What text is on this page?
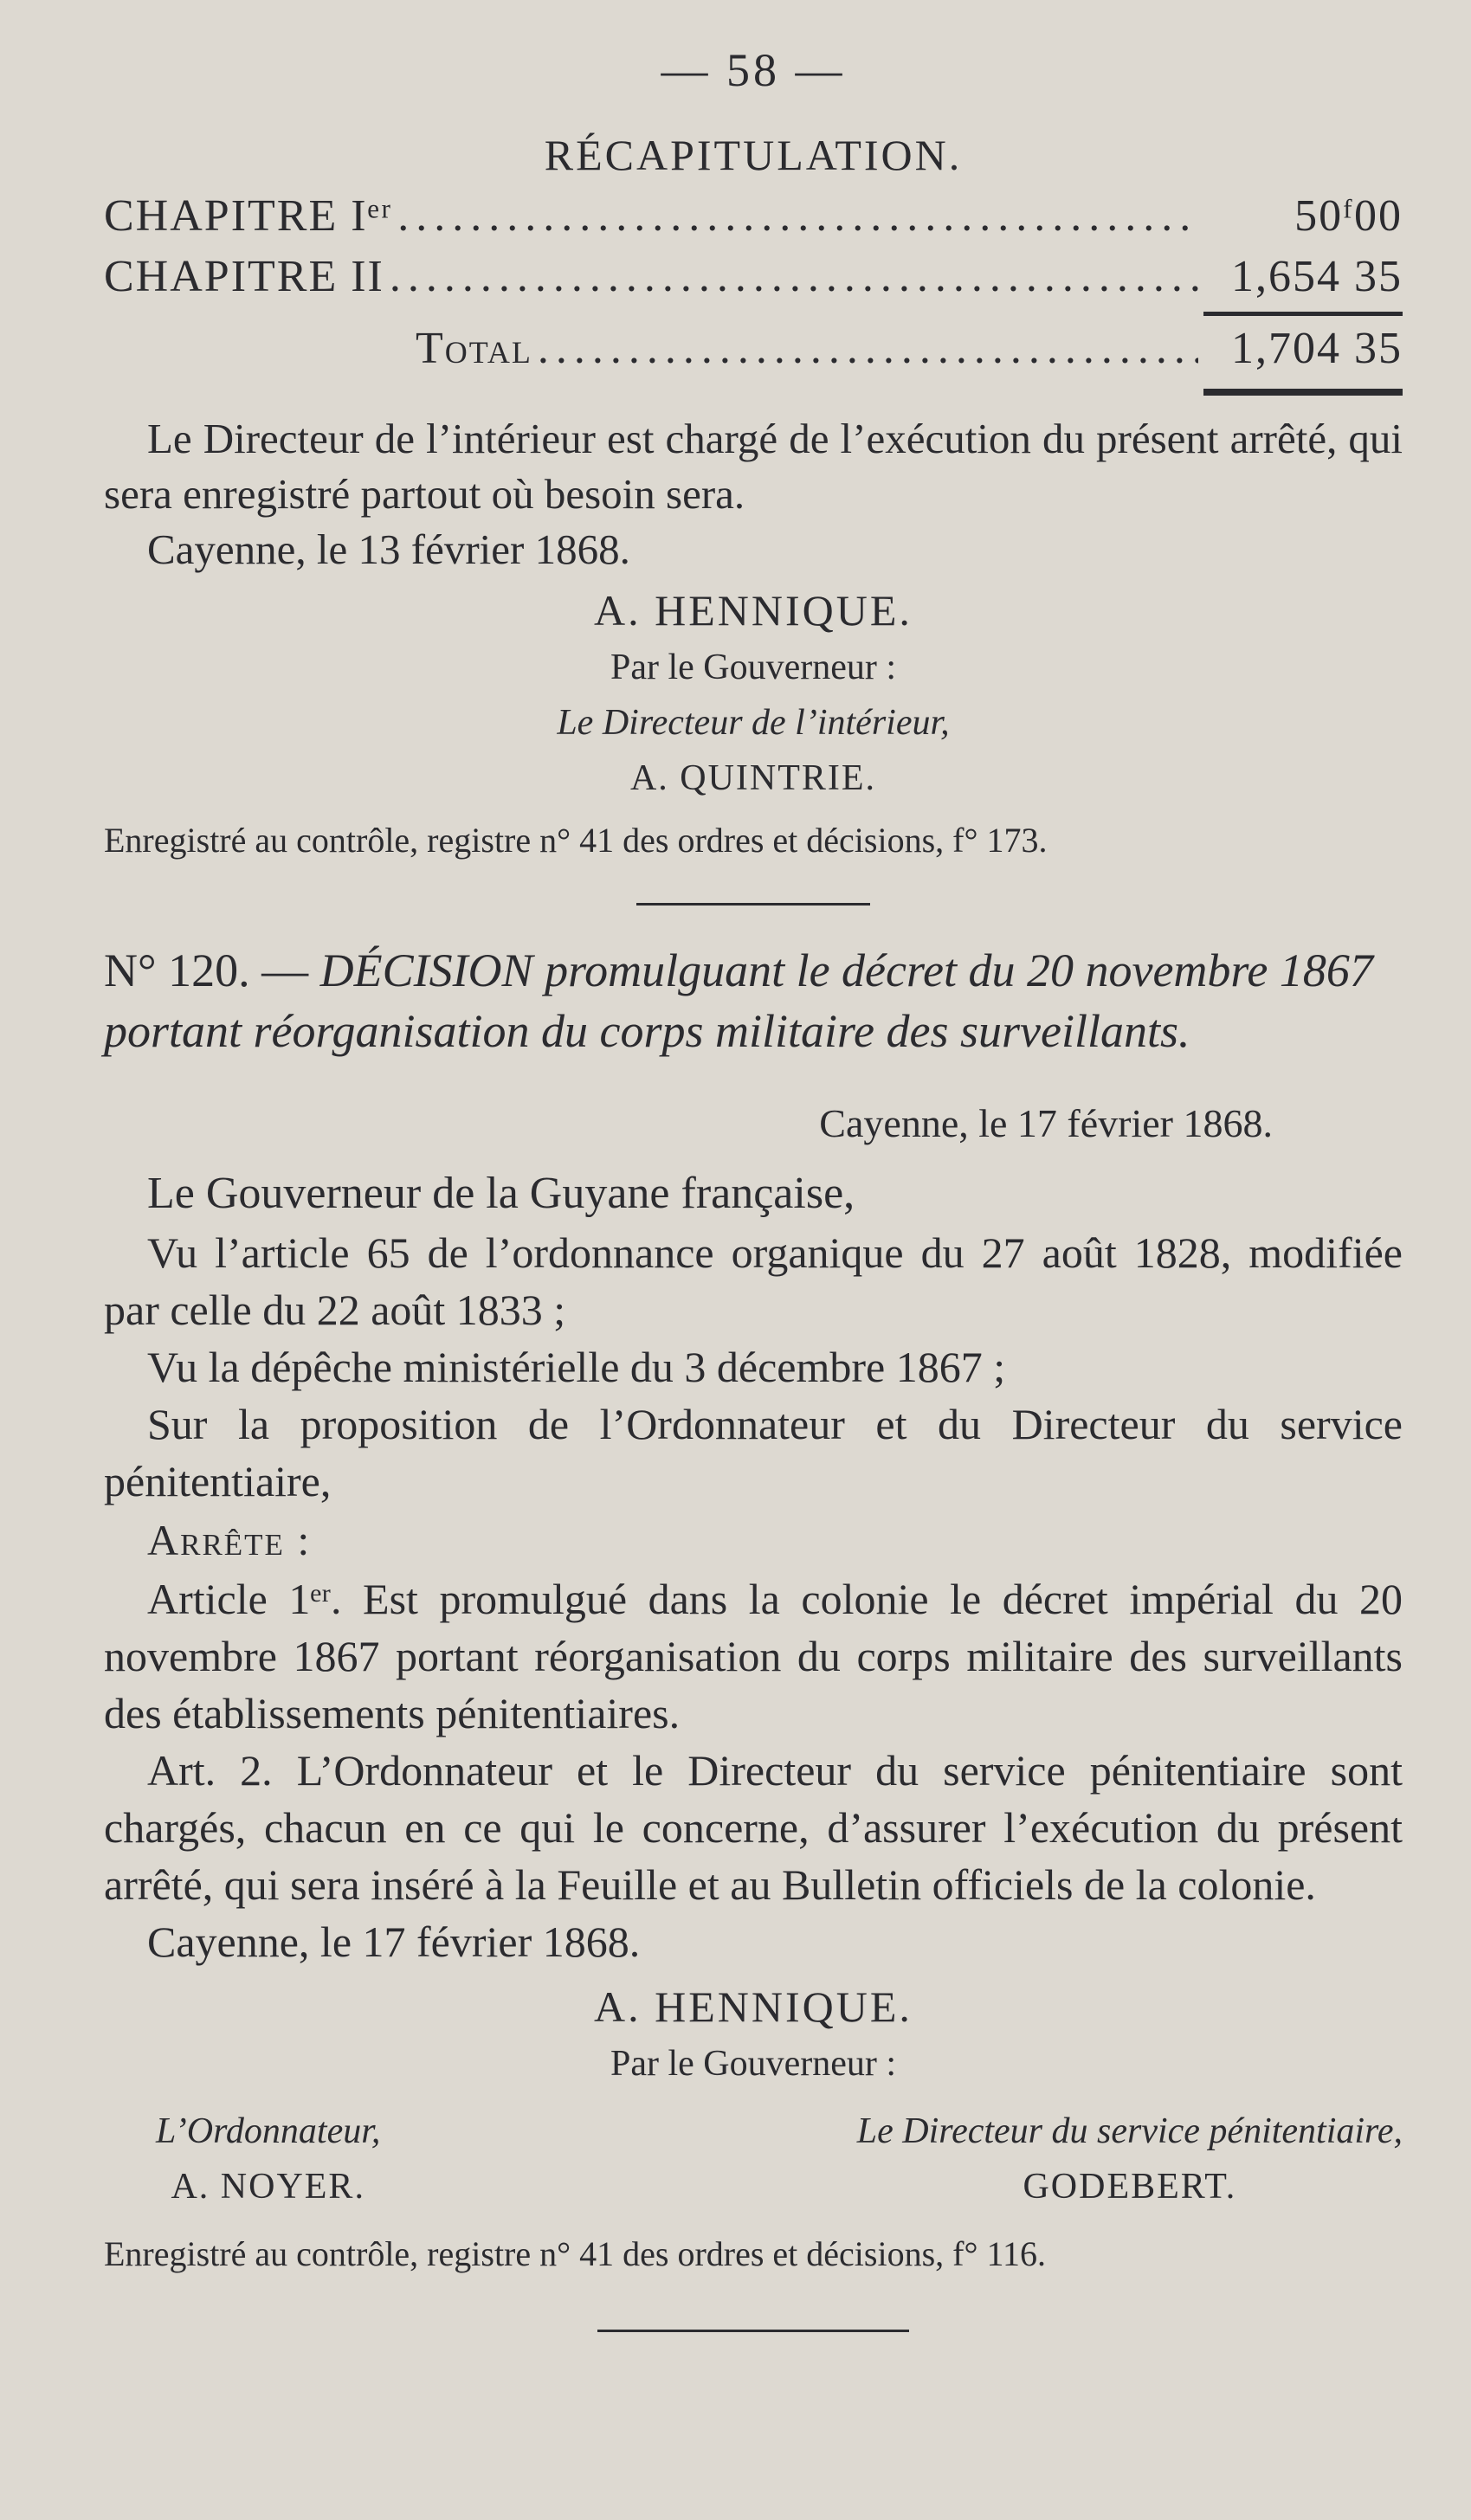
— 58 —
RÉCAPITULATION.
CHAPITRE Iᵉʳ .....	50ᶠ00
CHAPITRE II .....	1,654 35
Total .....	1,704 35

Le Directeur de l’intérieur est chargé de l’exécution du présent arrêté, qui sera enregistré partout où besoin sera.

Cayenne, le 13 février 1868.

A. HENNIQUE.
Par le Gouverneur :
Le Directeur de l’intérieur,
A. QUINTRIE.

Enregistré au contrôle, registre n° 41 des ordres et décisions, f° 173.

N° 120. — DÉCISION promulguant le décret du 20 novembre 1867 portant réorganisation du corps militaire des surveillants.

Cayenne, le 17 février 1868.

Le Gouverneur de la Guyane française,

Vu l’article 65 de l’ordonnance organique du 27 août 1828, modifiée par celle du 22 août 1833 ;

Vu la dépêche ministérielle du 3 décembre 1867 ;

Sur la proposition de l’Ordonnateur et du Directeur du service pénitentiaire,

Arrête :

Article 1ᵉʳ. Est promulgué dans la colonie le décret impérial du 20 novembre 1867 portant réorganisation du corps militaire des surveillants des établissements pénitentiaires.

Art. 2. L’Ordonnateur et le Directeur du service pénitentiaire sont chargés, chacun en ce qui le concerne, d’assurer l’exécution du présent arrêté, qui sera inséré à la Feuille et au Bulletin officiels de la colonie.

Cayenne, le 17 février 1868.

A. HENNIQUE.
Par le Gouverneur :
L’Ordonnateur,
A. NOYER.
Le Directeur du service pénitentiaire,
GODEBERT.

Enregistré au contrôle, registre n° 41 des ordres et décisions, f° 116.
